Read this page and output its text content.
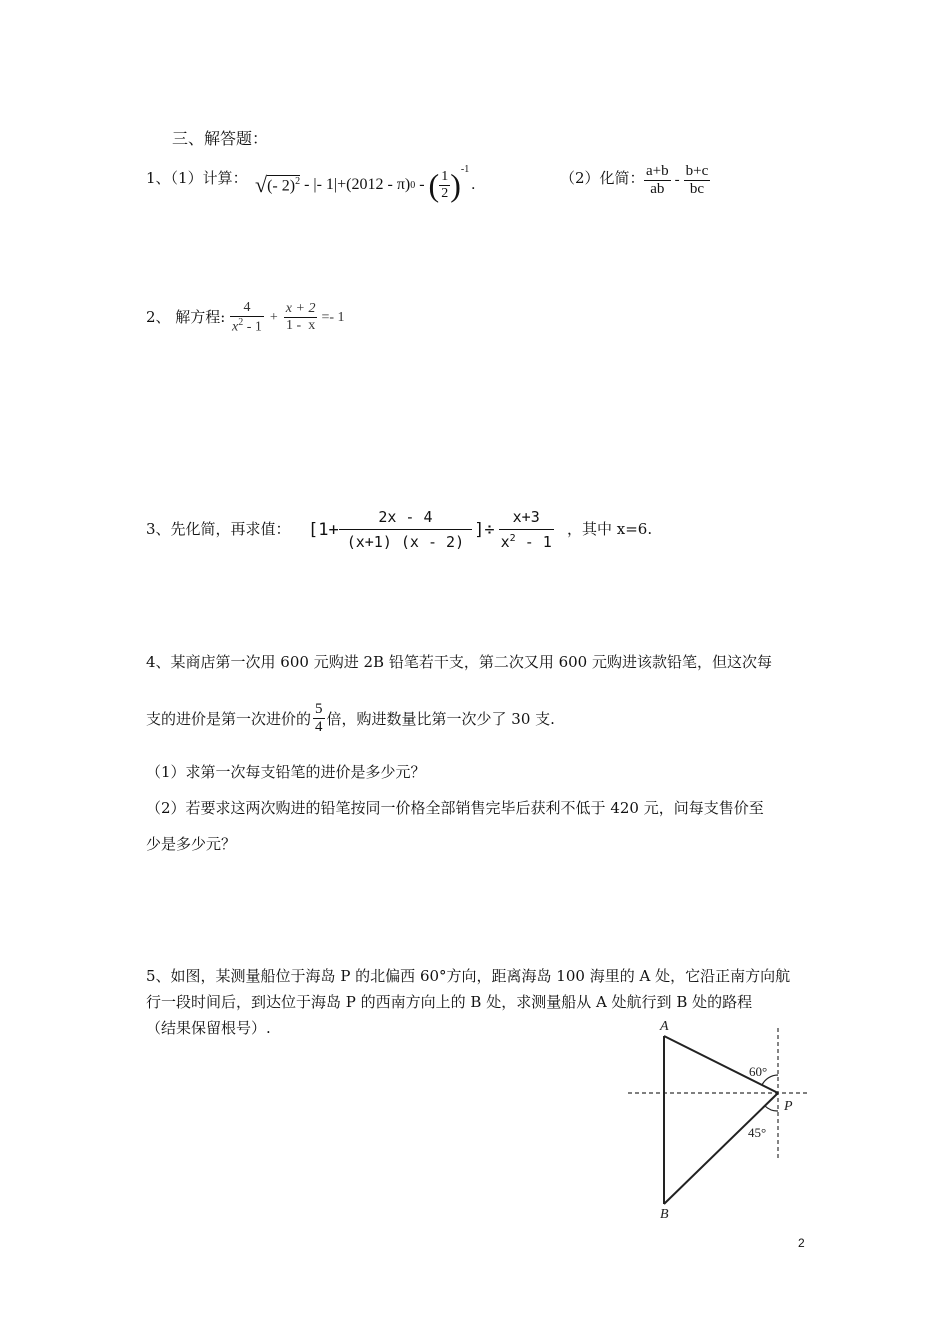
三、解答题：
1、（1）计算： √ (- 2)$^2$ - |- 1| + (2012 - π) 0 - ( $\frac{1}{2}$ ) -1
.	（2）化简： $\frac{a+b}{ab} - \frac{b+c}{bc}$
2、 解方程: $\frac{4}{x^2 - 1} + \frac{x + 2}{1 - x} =- 1$
3、先化简，再求值： [$1+ \frac{2x - 4}{(x+1) (x - 2)}$ ]÷ $\frac{x+3}{x^2 - 1}$ ，其中 x=6.
4、某商店第一次用 600 元购进 2B 铅笔若干支，第二次又用 600 元购进该款铅笔，但这次每
支的进价是第一次进价的 $\frac{5}{4}$ 倍，购进数量比第一次少了 30 支.
（1）求第一次每支铅笔的进价是多少元？
（2）若要求这两次购进的铅笔按同一价格全部销售完毕后获利不低于 420 元，问每支售价至
少是多少元？
5、如图，某测量船位于海岛 P 的北偏西 60°方向，距离海岛 100 海里的 A 处，它沿正南方向航
行一段时间后，到达位于海岛 P 的西南方向上的 B 处，求测量船从 A 处航行到 B 处的路程
（结果保留根号）.	A
B
P
60°
45°
2
